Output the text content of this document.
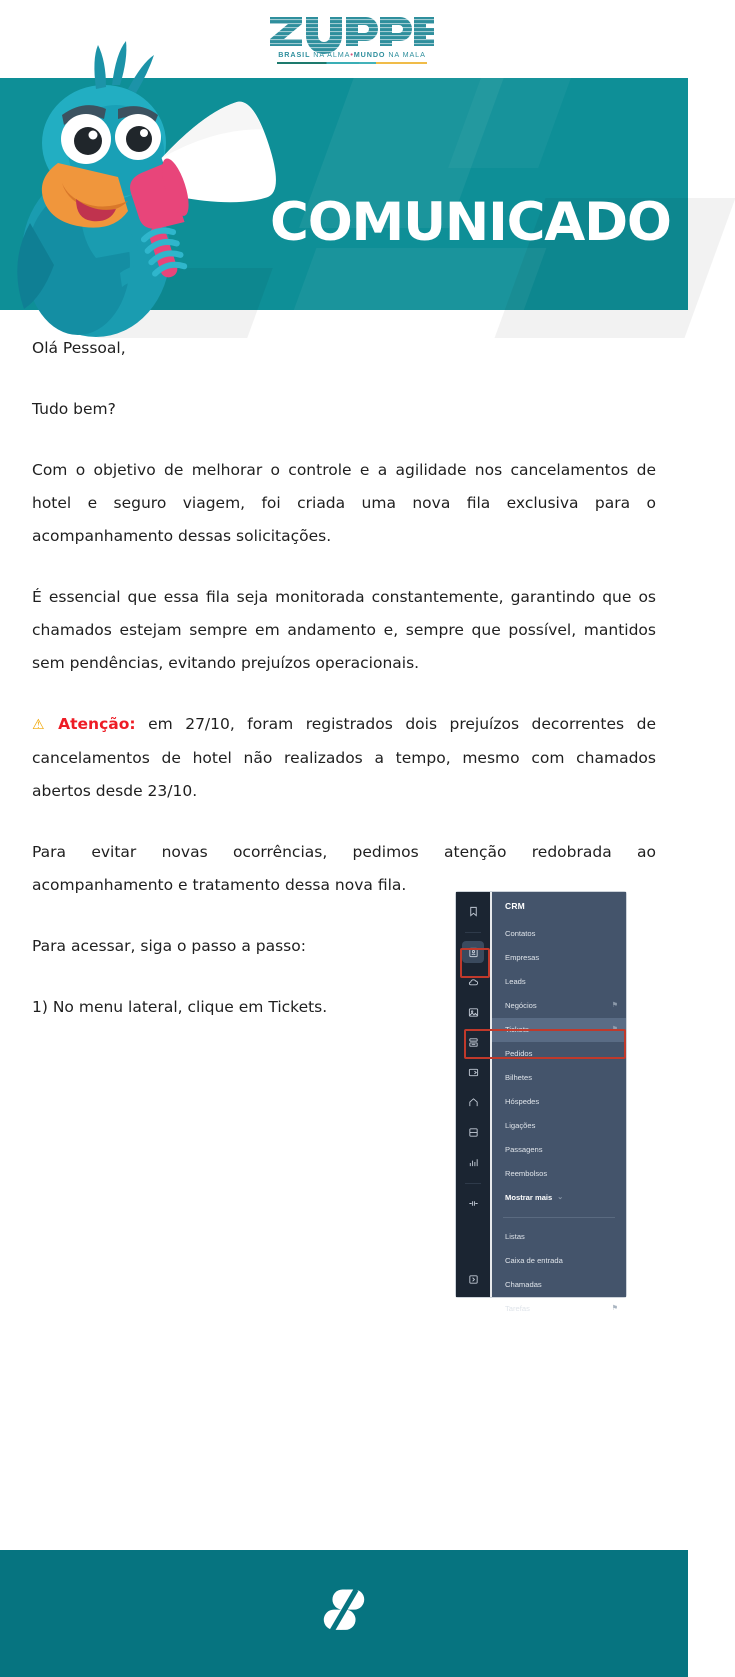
BRASIL NA ALMA•MUNDO NA MALA
COMUNICADO

Olá Pessoal,

Tudo bem?

Com o objetivo de melhorar o controle e a agilidade nos cancelamentos de hotel e seguro viagem, foi criada uma nova fila exclusiva para o acompanhamento dessas solicitações.

É essencial que essa fila seja monitorada constantemente, garantindo que os chamados estejam sempre em andamento e, sempre que possível, mantidos sem pendências, evitando prejuízos operacionais.

⚠ Atenção: em 27/10, foram registrados dois prejuízos decorrentes de cancelamentos de hotel não realizados a tempo, mesmo com chamados abertos desde 23/10.

Para evitar novas ocorrências, pedimos atenção redobrada ao acompanhamento e tratamento dessa nova fila.

Para acessar, siga o passo a passo:

1) No menu lateral, clique em Tickets.

CRM
Contatos
Empresas
Leads
Negócios	⚑
Tickets	⚑
Pedidos
Bilhetes
Hóspedes
Ligações
Passagens
Reembolsos
Mostrar mais ⌄
Listas
Caixa de entrada
Chamadas
Tarefas	⚑
